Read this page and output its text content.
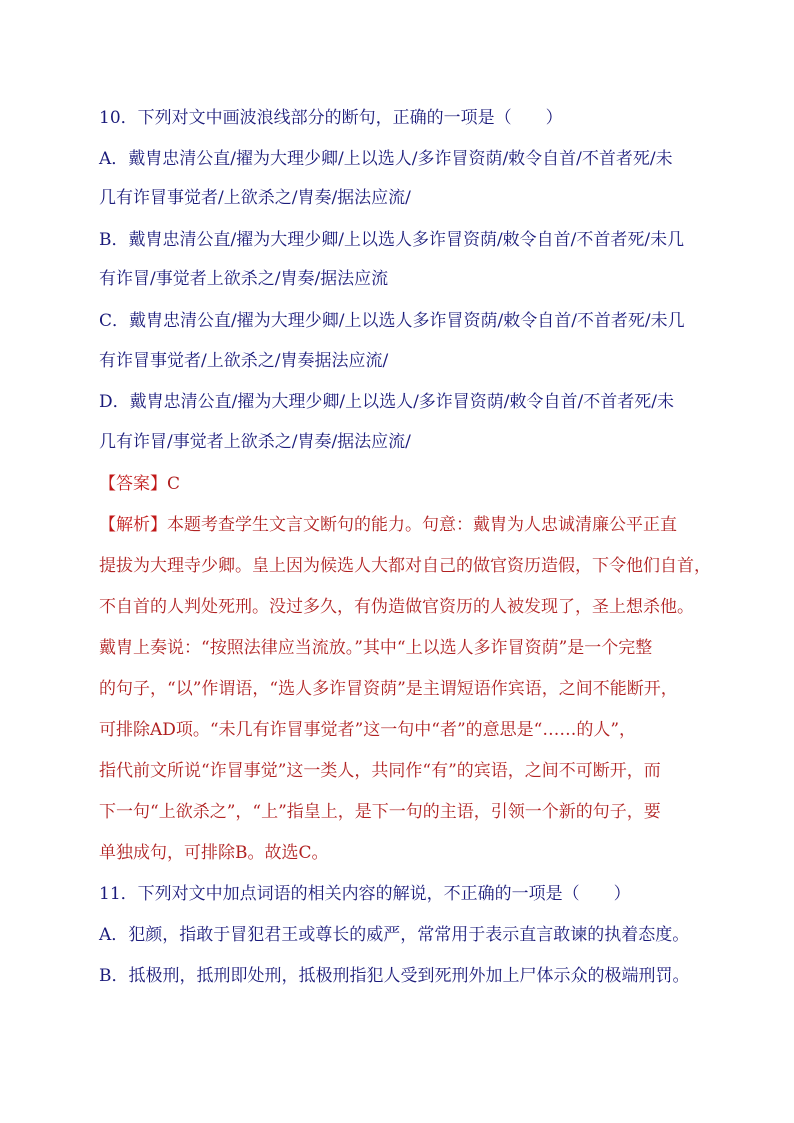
10．下列对文中画波浪线部分的断句，正确的一项是（　　）
A．戴胄忠清公直/擢为大理少卿/上以选人/多诈冒资荫/敕令自首/不首者死/未
几有诈冒事觉者/上欲杀之/胄奏/据法应流/
B．戴胄忠清公直/擢为大理少卿/上以选人多诈冒资荫/敕令自首/不首者死/未几
有诈冒/事觉者上欲杀之/胄奏/据法应流
C．戴胄忠清公直/擢为大理少卿/上以选人多诈冒资荫/敕令自首/不首者死/未几
有诈冒事觉者/上欲杀之/胄奏据法应流/
D．戴胄忠清公直/擢为大理少卿/上以选人/多诈冒资荫/敕令自首/不首者死/未
几有诈冒/事觉者上欲杀之/胄奏/据法应流/
【答案】C
【解析】本题考查学生文言文断句的能力。句意：戴胄为人忠诚清廉公平正直
提拔为大理寺少卿。皇上因为候选人大都对自己的做官资历造假，下令他们自首，
不自首的人判处死刑。没过多久，有伪造做官资历的人被发现了，圣上想杀他。
戴胄上奏说：“按照法律应当流放。”其中“上以选人多诈冒资荫”是一个完整
的句子，“以”作谓语，“选人多诈冒资荫”是主谓短语作宾语，之间不能断开，
可排除AD项。“未几有诈冒事觉者”这一句中“者”的意思是“……的人”，
指代前文所说“诈冒事觉”这一类人，共同作“有”的宾语，之间不可断开，而
下一句“上欲杀之”，“上”指皇上，是下一句的主语，引领一个新的句子，要
单独成句，可排除B。故选C。
11．下列对文中加点词语的相关内容的解说，不正确的一项是（　　）
A．犯颜，指敢于冒犯君王或尊长的威严，常常用于表示直言敢谏的执着态度。
B．抵极刑，抵刑即处刑，抵极刑指犯人受到死刑外加上尸体示众的极端刑罚。
